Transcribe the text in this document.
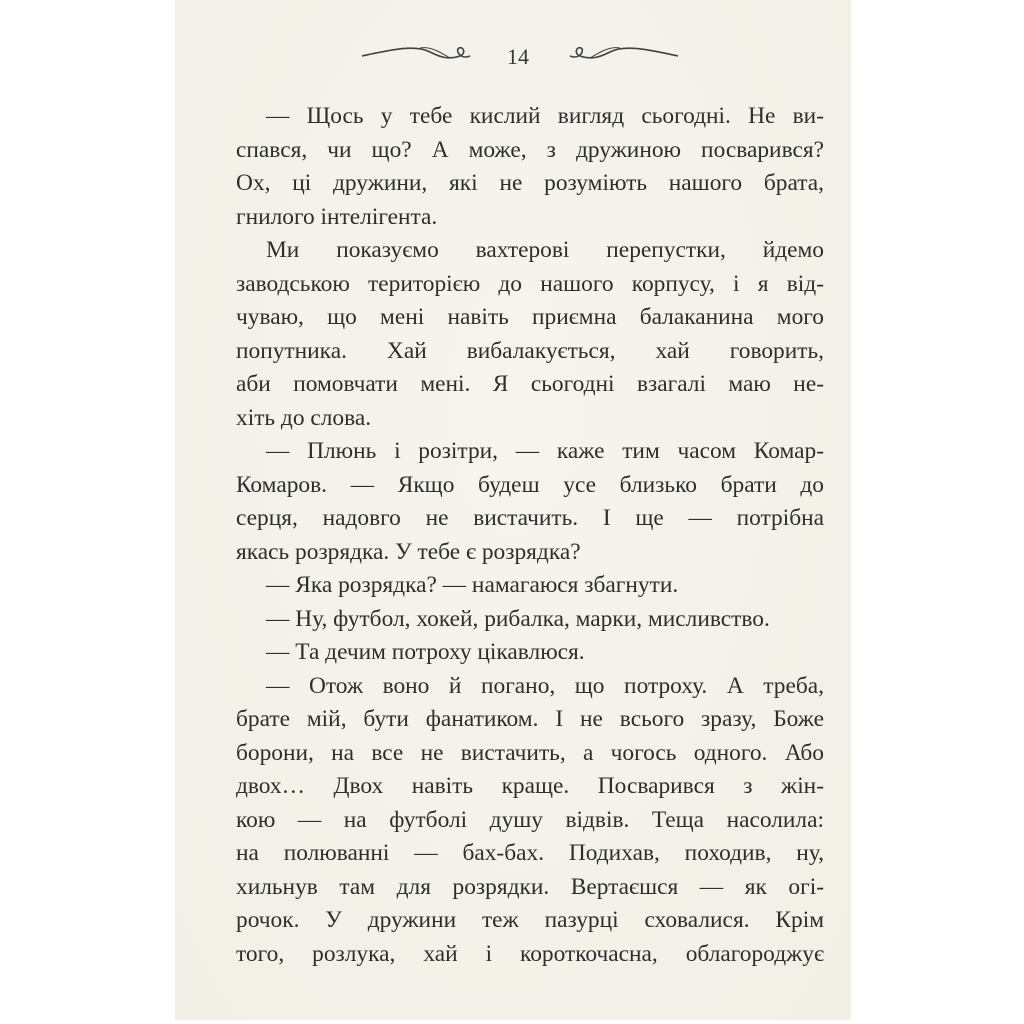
14
— Щось у тебе кислий вигляд сьогодні. Не ви-
спався, чи що? А може, з дружиною посварився?
Ох, ці дружини, які не розуміють нашого брата,
гнилого інтелігента.
Ми показуємо вахтерові перепустки, йдемо
заводською територією до нашого корпусу, і я від-
чуваю, що мені навіть приємна балаканина мого
попутника. Хай вибалакується, хай говорить,
аби помовчати мені. Я сьогодні взагалі маю не-
хіть до слова.
— Плюнь і розітри, — каже тим часом Комар-
Комаров. — Якщо будеш усе близько брати до
серця, надовго не вистачить. І ще — потрібна
якась розрядка. У тебе є розрядка?
— Яка розрядка? — намагаюся збагнути.
— Ну, футбол, хокей, рибалка, марки, мисливство.
— Та дечим потроху цікавлюся.
— Отож воно й погано, що потроху. А треба,
брате мій, бути фанатиком. І не всього зразу, Боже
борони, на все не вистачить, а чогось одного. Або
двох… Двох навіть краще. Посварився з жін-
кою — на футболі душу відвів. Теща насолила:
на полюванні — бах-бах. Подихав, походив, ну,
хильнув там для розрядки. Вертаєшся — як огі-
рочок. У дружини теж пазурці сховалися. Крім
того, розлука, хай і короткочасна, облагороджує
